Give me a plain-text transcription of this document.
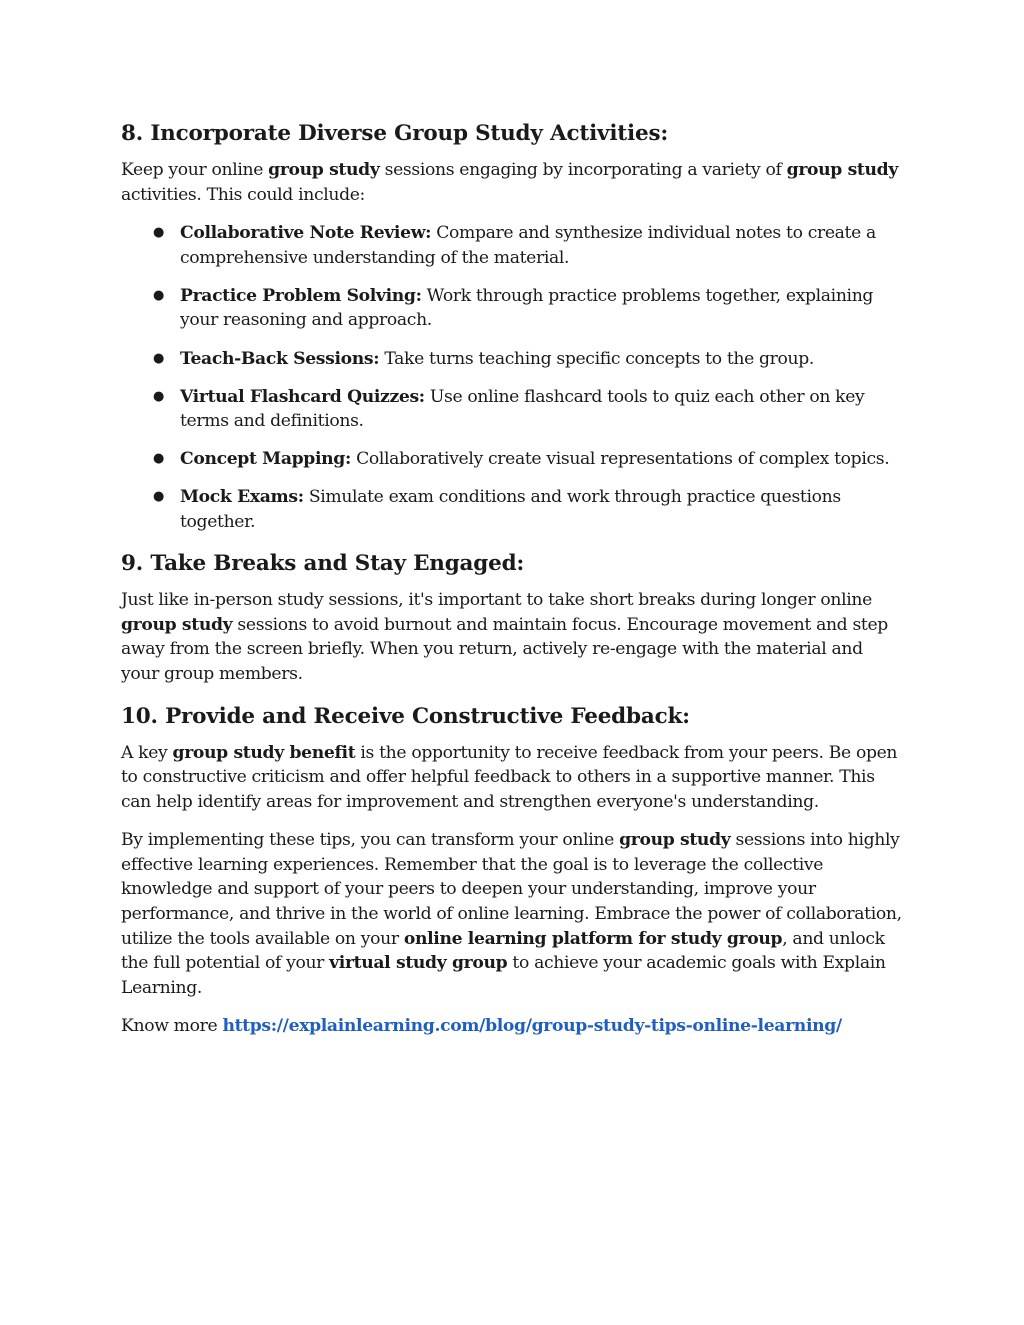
8. Incorporate Diverse Group Study Activities:

Keep your online group study sessions engaging by incorporating a variety of group study activities. This could include:

● Collaborative Note Review: Compare and synthesize individual notes to create a comprehensive understanding of the material.
● Practice Problem Solving: Work through practice problems together, explaining your reasoning and approach.
● Teach-Back Sessions: Take turns teaching specific concepts to the group.
● Virtual Flashcard Quizzes: Use online flashcard tools to quiz each other on key terms and definitions.
● Concept Mapping: Collaboratively create visual representations of complex topics.
● Mock Exams: Simulate exam conditions and work through practice questions together.
9. Take Breaks and Stay Engaged:

Just like in-person study sessions, it's important to take short breaks during longer online group study sessions to avoid burnout and maintain focus. Encourage movement and step away from the screen briefly. When you return, actively re-engage with the material and your group members.

10. Provide and Receive Constructive Feedback:

A key group study benefit is the opportunity to receive feedback from your peers. Be open to constructive criticism and offer helpful feedback to others in a supportive manner. This can help identify areas for improvement and strengthen everyone's understanding.

By implementing these tips, you can transform your online group study sessions into highly effective learning experiences. Remember that the goal is to leverage the collective knowledge and support of your peers to deepen your understanding, improve your performance, and thrive in the world of online learning. Embrace the power of collaboration, utilize the tools available on your online learning platform for study group, and unlock the full potential of your virtual study group to achieve your academic goals with Explain Learning.

Know more https://explainlearning.com/blog/group-study-tips-online-learning/
